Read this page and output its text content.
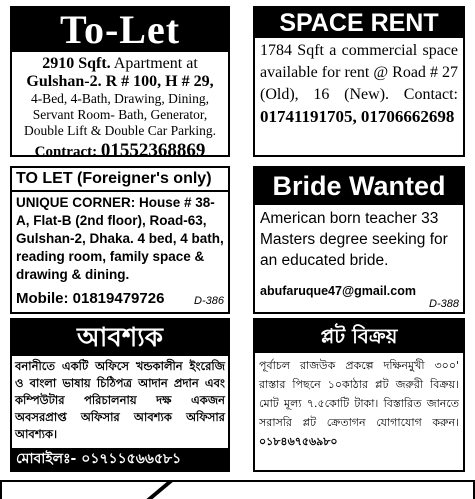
To-Let
2910 Sqft. Apartment at
Gulshan-2. R # 100, H # 29,
4-Bed, 4-Bath, Drawing, Dining,
Servant Room- Bath, Generator,
Double Lift & Double Car Parking.
Contract: 01552368869
SPACE RENT
1784 Sqft a commercial space available for rent @ Road # 27 (Old), 16 (New). Contact: 01741191705, 01706662698
TO LET (Foreigner's only)
UNIQUE CORNER: House # 38-A, Flat-B (2nd floor), Road-63, Gulshan-2, Dhaka. 4 bed, 4 bath, reading room, family space & drawing & dining.
Mobile: 01819479726	D-386
Bride Wanted
American born teacher 33 Masters degree seeking for an educated bride.
abufaruque47@gmail.com
D-388
আবশ্যক
বনানীতে একটি অফিসে খন্ডকালীন ইংরেজি ও বাংলা ভাষায় চিঠিপত্র আদান প্রদান এবং কম্পিউটার পরিচালনায় দক্ষ একজন অবসরপ্রাপ্ত অফিসার আবশ্যক অফিসার আবশ্যক।
মোবাইলঃ- ০১৭১১৫৬৬৫৮১
প্লট বিক্রয়
পূর্বাচল রাজউক প্রকল্পে দক্ষিনমুখী ৩০০' রাস্তার পিছনে ১০কাঠার প্লট জরুরী বিক্রয়। মোট মূল্য ৭.৫কোটি টাকা। বিস্তারিত জানতে সরাসরি প্লট ক্রেতাগন যোগাযোগ করুন। ০১৮৪৬৭৫৬৯৮০
